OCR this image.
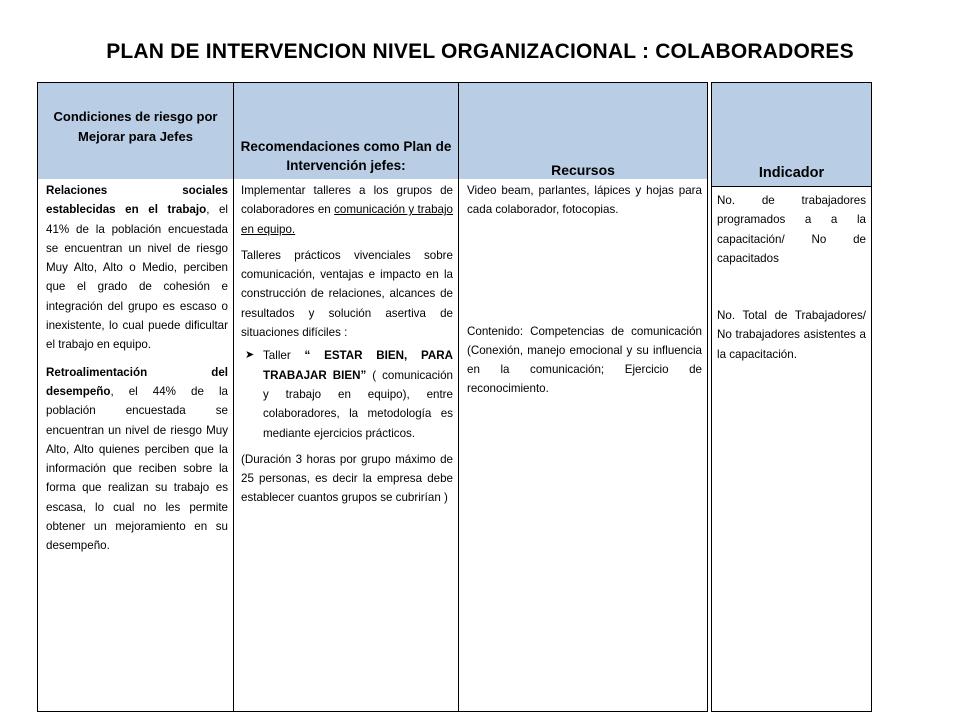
PLAN DE INTERVENCION NIVEL ORGANIZACIONAL : COLABORADORES
Condiciones de riesgo por Mejorar para Jefes

Relaciones sociales establecidas en el trabajo, el 41% de la población encuestada se encuentran un nivel de riesgo Muy Alto, Alto o Medio, perciben que el grado de cohesión e integración del grupo es escaso o inexistente, lo cual puede dificultar el trabajo en equipo.

Retroalimentación del desempeño, el 44% de la población encuestada se encuentran un nivel de riesgo Muy Alto, Alto quienes perciben que la información que reciben sobre la forma que realizan su trabajo es escasa, lo cual no les permite obtener un mejoramiento en su desempeño.

Recomendaciones como Plan de Intervención jefes:

Implementar talleres a los grupos de colaboradores en comunicación y trabajo en equipo.

Talleres prácticos vivenciales sobre comunicación, ventajas e impacto en la construcción de relaciones, alcances de resultados y solución asertiva de situaciones difíciles :

➤ Taller “ ESTAR BIEN, PARA TRABAJAR BIEN” ( comunicación y trabajo en equipo), entre colaboradores, la metodología es mediante ejercicios prácticos.

(Duración 3 horas por grupo máximo de 25 personas, es decir la empresa debe establecer cuantos grupos se cubrirían )

Recursos

Video beam, parlantes, lápices y hojas para cada colaborador, fotocopias.

Contenido: Competencias de comunicación (Conexión, manejo emocional y su influencia en la comunicación; Ejercicio de reconocimiento.

Indicador

No. de trabajadores programados a a la capacitación/ No de capacitados

No. Total de Trabajadores/ No trabajadores asistentes a la capacitación.
